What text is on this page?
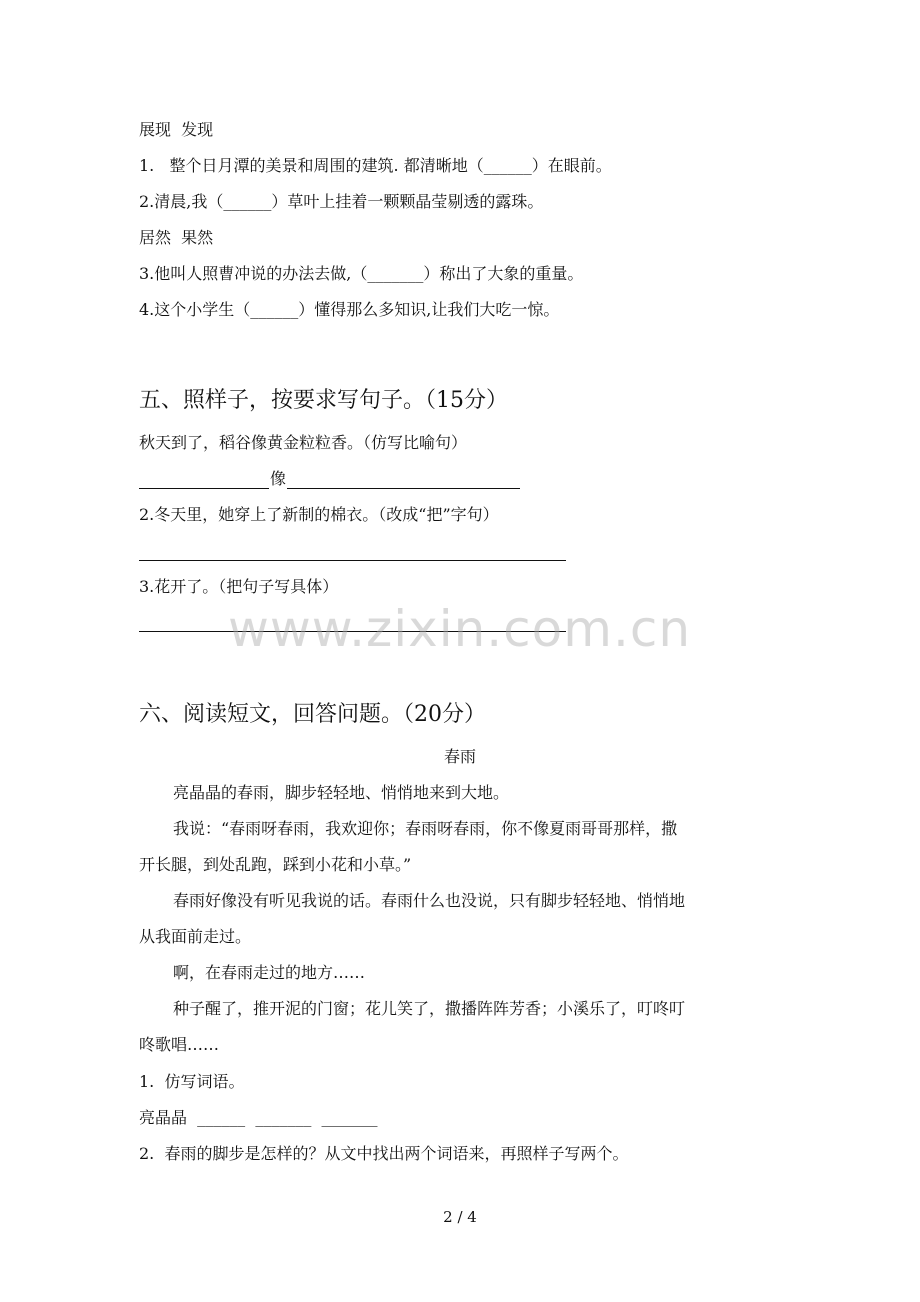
展现  发现
1.   整个日月潭的美景和周围的建筑. 都清晰地（______）在眼前。
2.清晨,我（______）草叶上挂着一颗颗晶莹剔透的露珠。
居然  果然
3.他叫人照曹冲说的办法去做,（_______）称出了大象的重量。
4.这个小学生（______）懂得那么多知识,让我们大吃一惊。
五、照样子，按要求写句子。（15分）
秋天到了，稻谷像黄金粒粒香。（仿写比喻句）
像
2.冬天里，她穿上了新制的棉衣。（改成“把”字句）
3.花开了。（把句子写具体）
www.zixin.com.cn
六、阅读短文，回答问题。（20分）
春雨
亮晶晶的春雨，脚步轻轻地、悄悄地来到大地。
我说：“春雨呀春雨，我欢迎你；春雨呀春雨，你不像夏雨哥哥那样，撒
开长腿，到处乱跑，踩到小花和小草。”
春雨好像没有听见我说的话。春雨什么也没说，只有脚步轻轻地、悄悄地
从我面前走过。
啊，在春雨走过的地方……
种子醒了，推开泥的门窗；花儿笑了，撒播阵阵芳香；小溪乐了，叮咚叮
咚歌唱……
1.  仿写词语。
亮晶晶  ______  _______  _______
2.  春雨的脚步是怎样的？从文中找出两个词语来，再照样子写两个。
2 / 4
